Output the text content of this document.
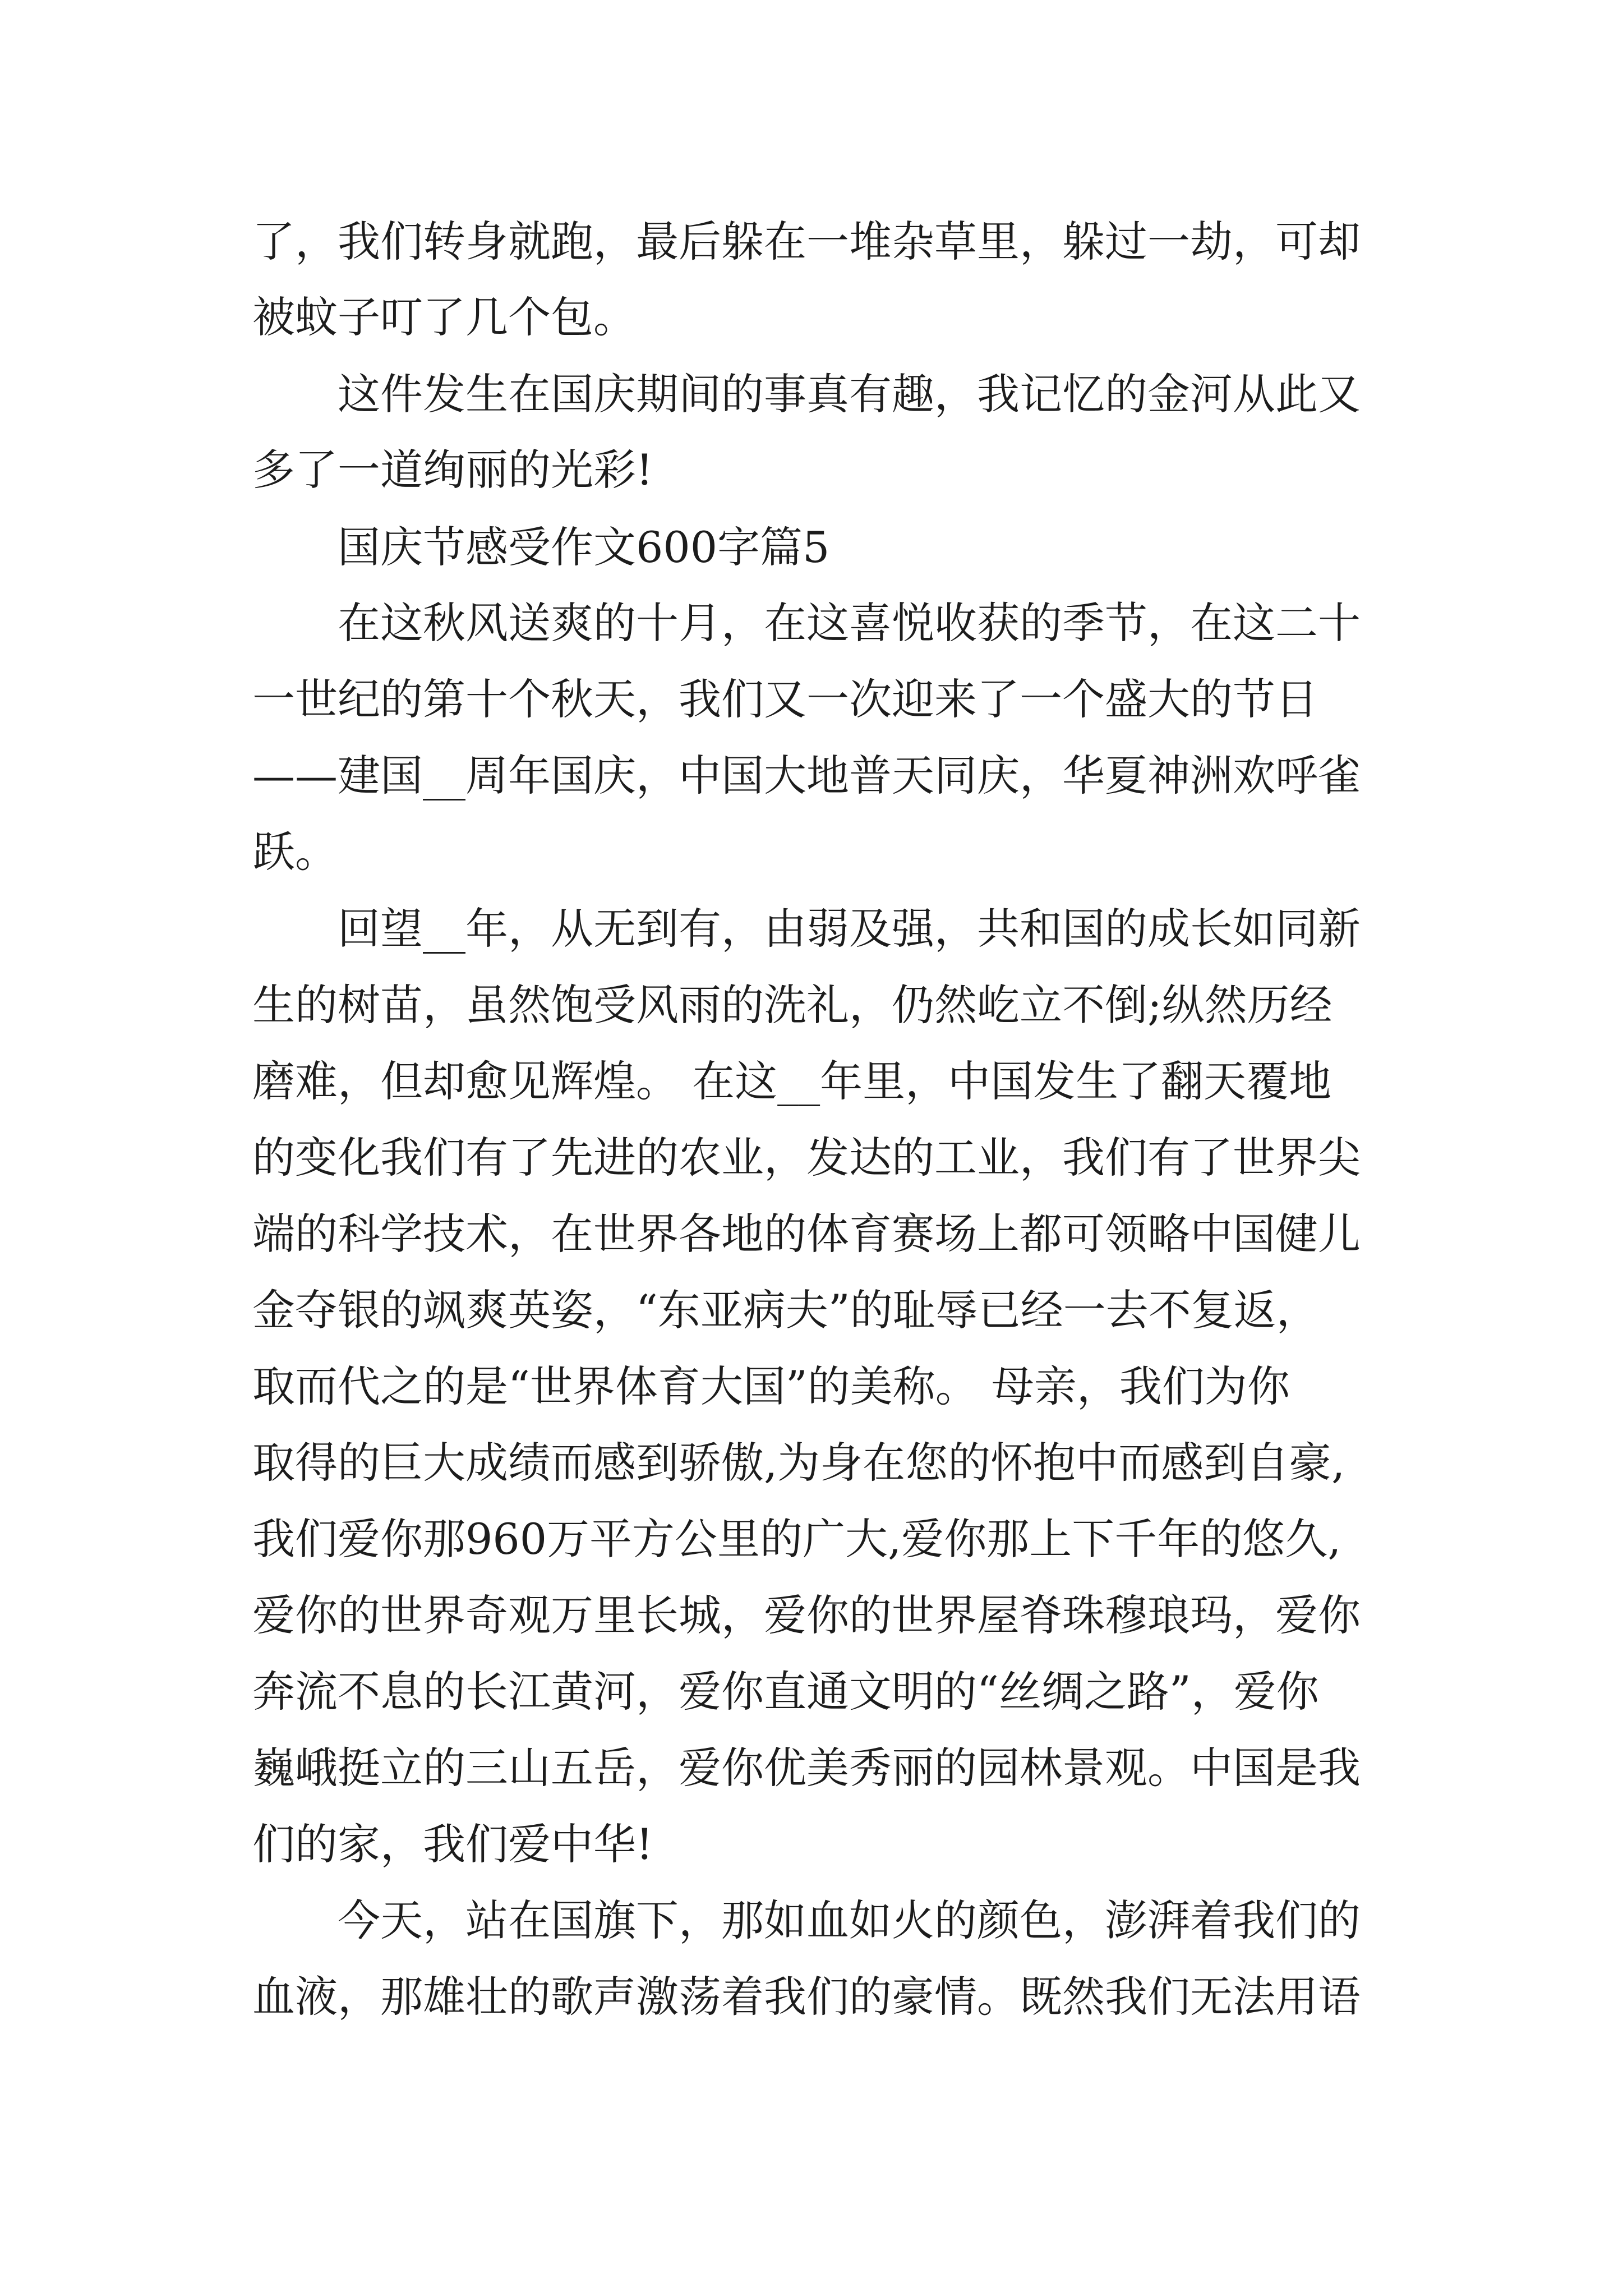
了，我们转身就跑，最后躲在一堆杂草里，躲过一劫，可却

被蚊子叮了几个包。

这件发生在国庆期间的事真有趣，我记忆的金河从此又

多了一道绚丽的光彩!

国庆节感受作文600字篇5

在这秋风送爽的十月，在这喜悦收获的季节，在这二十

一世纪的第十个秋天，我们又一次迎来了一个盛大的节日

——建国__周年国庆，中国大地普天同庆，华夏神洲欢呼雀

跃。

回望__年，从无到有，由弱及强，共和国的成长如同新

生的树苗，虽然饱受风雨的洗礼，仍然屹立不倒;纵然历经

磨难，但却愈见辉煌。 在这__年里，中国发生了翻天覆地

的变化我们有了先进的农业，发达的工业，我们有了世界尖

端的科学技术，在世界各地的体育赛场上都可领略中国健儿

金夺银的飒爽英姿，“东亚病夫”的耻辱已经一去不复返，

取而代之的是“世界体育大国”的美称。 母亲，我们为你

取得的巨大成绩而感到骄傲,为身在您的怀抱中而感到自豪,

我们爱你那960万平方公里的广大,爱你那上下千年的悠久,

爱你的世界奇观万里长城，爱你的世界屋脊珠穆琅玛，爱你

奔流不息的长江黄河，爱你直通文明的“丝绸之路”，爱你

巍峨挺立的三山五岳，爱你优美秀丽的园林景观。中国是我

们的家，我们爱中华!

今天，站在国旗下，那如血如火的颜色，澎湃着我们的

血液，那雄壮的歌声激荡着我们的豪情。既然我们无法用语
